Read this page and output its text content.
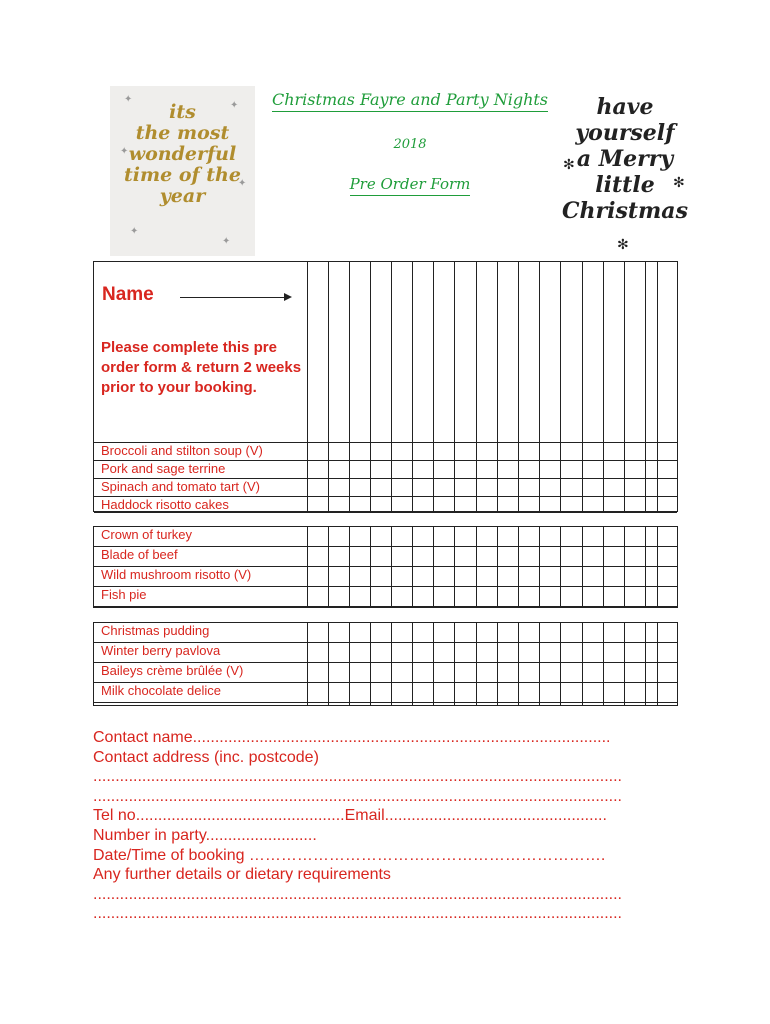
✦
✦
✦
✦
✦
✦
its
the most
wonderful
time of the
year
Christmas Fayre and Party Nights
2018
Pre Order Form
✻
✻
✻
have
yourself
a Merry
little
Christmas
Name
Please complete this pre order form & return 2 weeks prior to your booking.
Broccoli and stilton soup (V)
Pork and sage terrine
Spinach and tomato tart (V)
Haddock risotto cakes
Crown of turkey
Blade of beef
Wild mushroom risotto (V)
Fish pie
Christmas pudding
Winter berry pavlova
Baileys crème brûlée (V)
Milk chocolate delice
Contact name..............................................................................................
Contact address (inc. postcode)
.......................................................................................................................
.......................................................................................................................
Tel no...............................................Email..................................................
Number in party.........................
Date/Time of booking ………………………………………………………….
Any further details or dietary requirements
.......................................................................................................................
.......................................................................................................................
